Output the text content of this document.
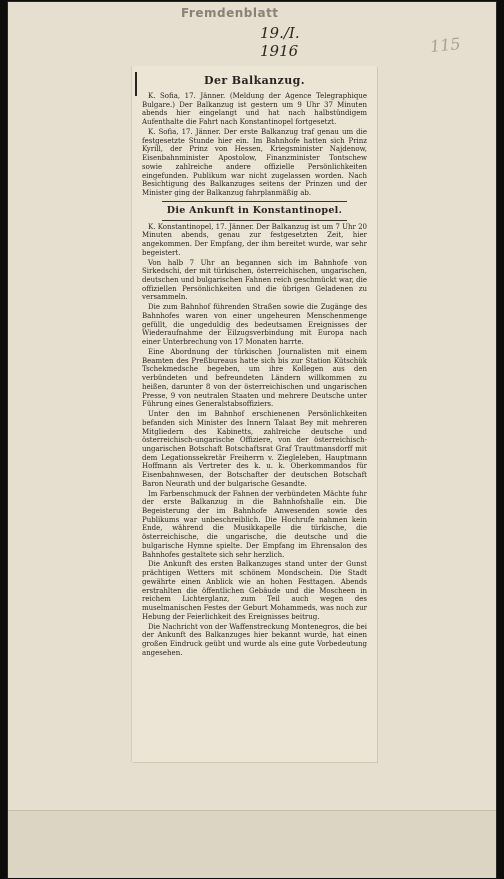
Fremdenblatt
19./I. 1916	115
Der Balkanzug.

K. Sofia, 17. Jänner. (Meldung der Agence Telegraphique Bulgare.) Der Balkanzug ist gestern um 9 Uhr 37 Minuten abends hier eingelangt und hat nach halbstündigem Aufenthalte die Fahrt nach Konstantinopel fortgesetzt.

K. Sofia, 17. Jänner. Der erste Balkanzug traf genau um die festgesetzte Stunde hier ein. Im Bahnhofe hatten sich Prinz Kyrill, der Prinz von Hessen, Kriegsminister Najdenow, Eisenbahnminister Apostolow, Finanzminister Tontschew sowie zahlreiche andere offizielle Persönlichkeiten eingefunden. Publikum war nicht zugelassen worden. Nach Besichtigung des Balkanzuges seitens der Prinzen und der Minister ging der Balkanzug fahrplanmäßig ab.

Die Ankunft in Konstantinopel.

K. Konstantinopel, 17. Jänner. Der Balkanzug ist um 7 Uhr 20 Minuten abends, genau zur festgesetzten Zeit, hier angekommen. Der Empfang, der ihm bereitet wurde, war sehr begeistert.

Von halb 7 Uhr an begannen sich im Bahnhofe von Sirkedschi, der mit türkischen, österreichischen, ungarischen, deutschen und bulgarischen Fahnen reich geschmückt war, die offiziellen Persönlichkeiten und die übrigen Geladenen zu versammeln.

Die zum Bahnhof führenden Straßen sowie die Zugänge des Bahnhofes waren von einer ungeheuren Menschenmenge gefüllt, die ungeduldig des bedeutsamen Ereignisses der Wiederaufnahme der Eilzugsverbindung mit Europa nach einer Unterbrechung von 17 Monaten harrte.

Eine Abordnung der türkischen Journalisten mit einem Beamten des Preßbureaus hatte sich bis zur Station Kütschük Tschekmedsche begeben, um ihre Kollegen aus den verbündeten und befreundeten Ländern willkommen zu heißen, darunter 8 von der österreichischen und ungarischen Presse, 9 von neutralen Staaten und mehrere Deutsche unter Führung eines Generalstabsoffiziers.

Unter den im Bahnhof erschienenen Persönlichkeiten befanden sich Minister des Innern Talaat Bey mit mehreren Mitgliedern des Kabinetts, zahlreiche deutsche und österreichisch-ungarische Offiziere, von der österreichisch-ungarischen Botschaft Botschaftsrat Graf Trauttmansdorff mit dem Legationssekretär Freiherrn v. Ziegleleben, Hauptmann Hoffmann als Vertreter des k. u. k. Oberkommandos für Eisenbahnwesen, der Botschafter der deutschen Botschaft Baron Neurath und der bulgarische Gesandte.

Im Farbenschmuck der Fahnen der verbündeten Mächte fuhr der erste Balkanzug in die Bahnhofshalle ein. Die Begeisterung der im Bahnhofe Anwesenden sowie des Publikums war unbeschreiblich. Die Hochrufe nahmen kein Ende, während die Musikkapelle die türkische, die österreichische, die ungarische, die deutsche und die bulgarische Hymne spielte. Der Empfang im Ehrensalon des Bahnhofes gestaltete sich sehr herzlich.

Die Ankunft des ersten Balkanzuges stand unter der Gunst prächtigen Wetters mit schönem Mondschein. Die Stadt gewährte einen Anblick wie an hohen Festtagen. Abends erstrahlten die öffentlichen Gebäude und die Moscheen in reichem Lichterglanz, zum Teil auch wegen des muselmanischen Festes der Geburt Mohammeds, was noch zur Hebung der Feierlichkeit des Ereignisses beitrug.

Die Nachricht von der Waffenstreckung Montenegros, die bei der Ankunft des Balkanzuges hier bekannt wurde, hat einen großen Eindruck geübt und wurde als eine gute Vorbedeutung angesehen.
